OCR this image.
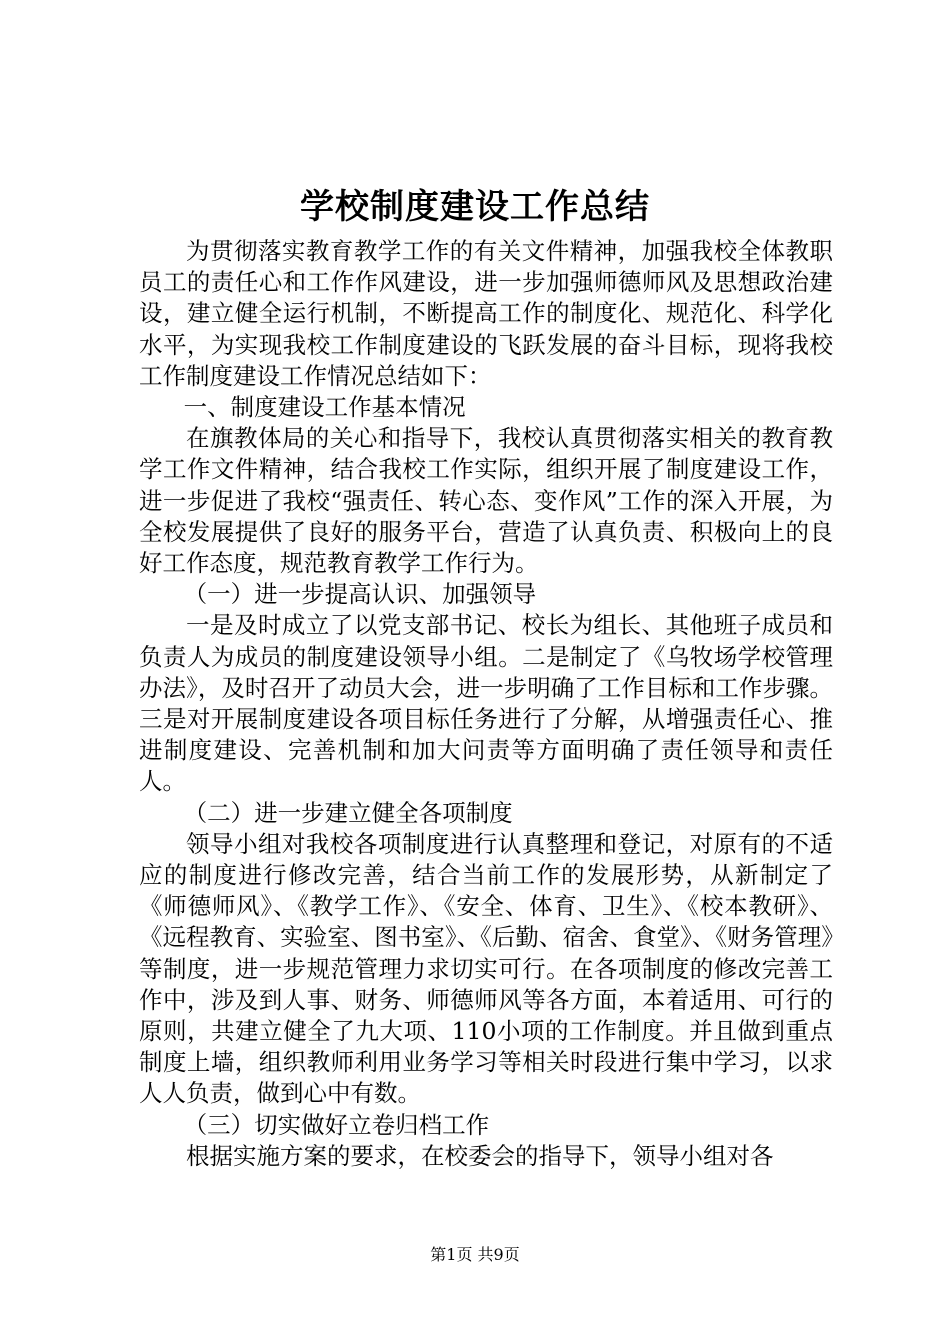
学校制度建设工作总结

为贯彻落实教育教学工作的有关文件精神，加强我校全体教职员工的责任心和工作作风建设，进一步加强师德师风及思想政治建设，建立健全运行机制，不断提高工作的制度化、规范化、科学化水平，为实现我校工作制度建设的飞跃发展的奋斗目标，现将我校工作制度建设工作情况总结如下：

一、制度建设工作基本情况

在旗教体局的关心和指导下，我校认真贯彻落实相关的教育教学工作文件精神，结合我校工作实际，组织开展了制度建设工作，进一步促进了我校“强责任、转心态、变作风”工作的深入开展，为全校发展提供了良好的服务平台，营造了认真负责、积极向上的良好工作态度，规范教育教学工作行为。

（一）进一步提高认识、加强领导

一是及时成立了以党支部书记、校长为组长、其他班子成员和负责人为成员的制度建设领导小组。二是制定了《乌牧场学校管理办法》，及时召开了动员大会，进一步明确了工作目标和工作步骤。三是对开展制度建设各项目标任务进行了分解，从增强责任心、推进制度建设、完善机制和加大问责等方面明确了责任领导和责任人。

（二）进一步建立健全各项制度

领导小组对我校各项制度进行认真整理和登记，对原有的不适应的制度进行修改完善，结合当前工作的发展形势，从新制定了《师德师风》、《教学工作》、《安全、体育、卫生》、《校本教研》、《远程教育、实验室、图书室》、《后勤、宿舍、食堂》、《财务管理》等制度，进一步规范管理力求切实可行。在各项制度的修改完善工作中，涉及到人事、财务、师德师风等各方面，本着适用、可行的原则，共建立健全了九大项、110小项的工作制度。并且做到重点制度上墙，组织教师利用业务学习等相关时段进行集中学习，以求人人负责，做到心中有数。

（三）切实做好立卷归档工作

根据实施方案的要求，在校委会的指导下，领导小组对各

第1页 共9页
